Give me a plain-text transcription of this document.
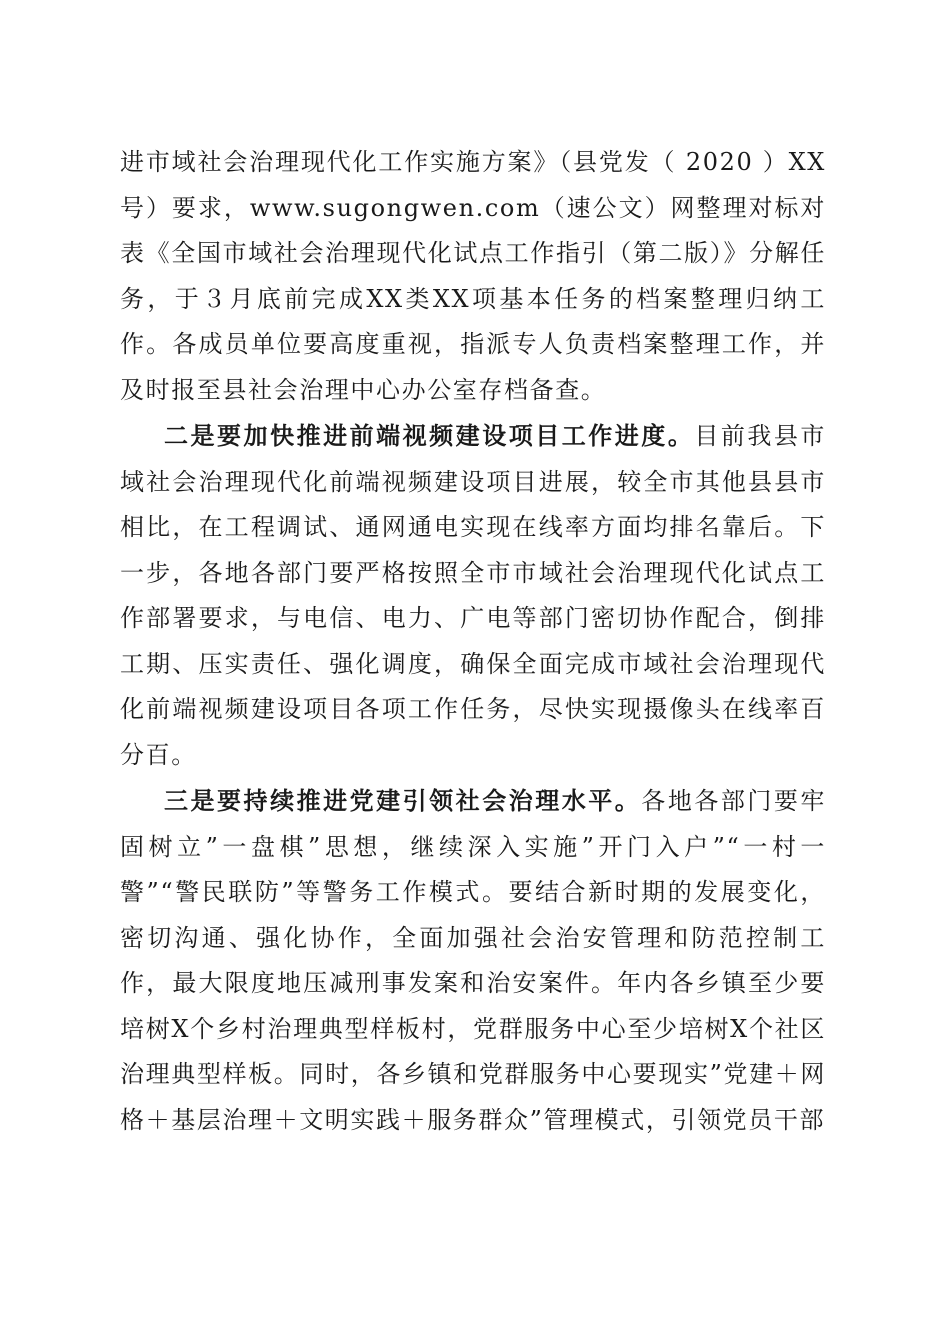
进市域社会治理现代化工作实施方案》（县党发（ 2020 ）XX号）要求，www.sugongwen.com（速公文）网整理对标对表《全国市域社会治理现代化试点工作指引（第二版）》分解任务，于３月底前完成XX类XX项基本任务的档案整理归纳工作。各成员单位要高度重视，指派专人负责档案整理工作，并及时报至县社会治理中心办公室存档备查。

二是要加快推进前端视频建设项目工作进度。目前我县市域社会治理现代化前端视频建设项目进展，较全市其他县县市相比，在工程调试、通网通电实现在线率方面均排名靠后。下一步，各地各部门要严格按照全市市域社会治理现代化试点工作部署要求，与电信、电力、广电等部门密切协作配合，倒排工期、压实责任、强化调度，确保全面完成市域社会治理现代化前端视频建设项目各项工作任务，尽快实现摄像头在线率百分百。

三是要持续推进党建引领社会治理水平。各地各部门要牢固树立”一盘棋”思想，继续深入实施”开门入户”“一村一警”“警民联防”等警务工作模式。要结合新时期的发展变化，密切沟通、强化协作，全面加强社会治安管理和防范控制工作，最大限度地压减刑事发案和治安案件。年内各乡镇至少要培树X个乡村治理典型样板村，党群服务中心至少培树X个社区治理典型样板。同时，各乡镇和党群服务中心要现实”党建＋网格＋基层治理＋文明实践＋服务群众”管理模式，引领党员干部
